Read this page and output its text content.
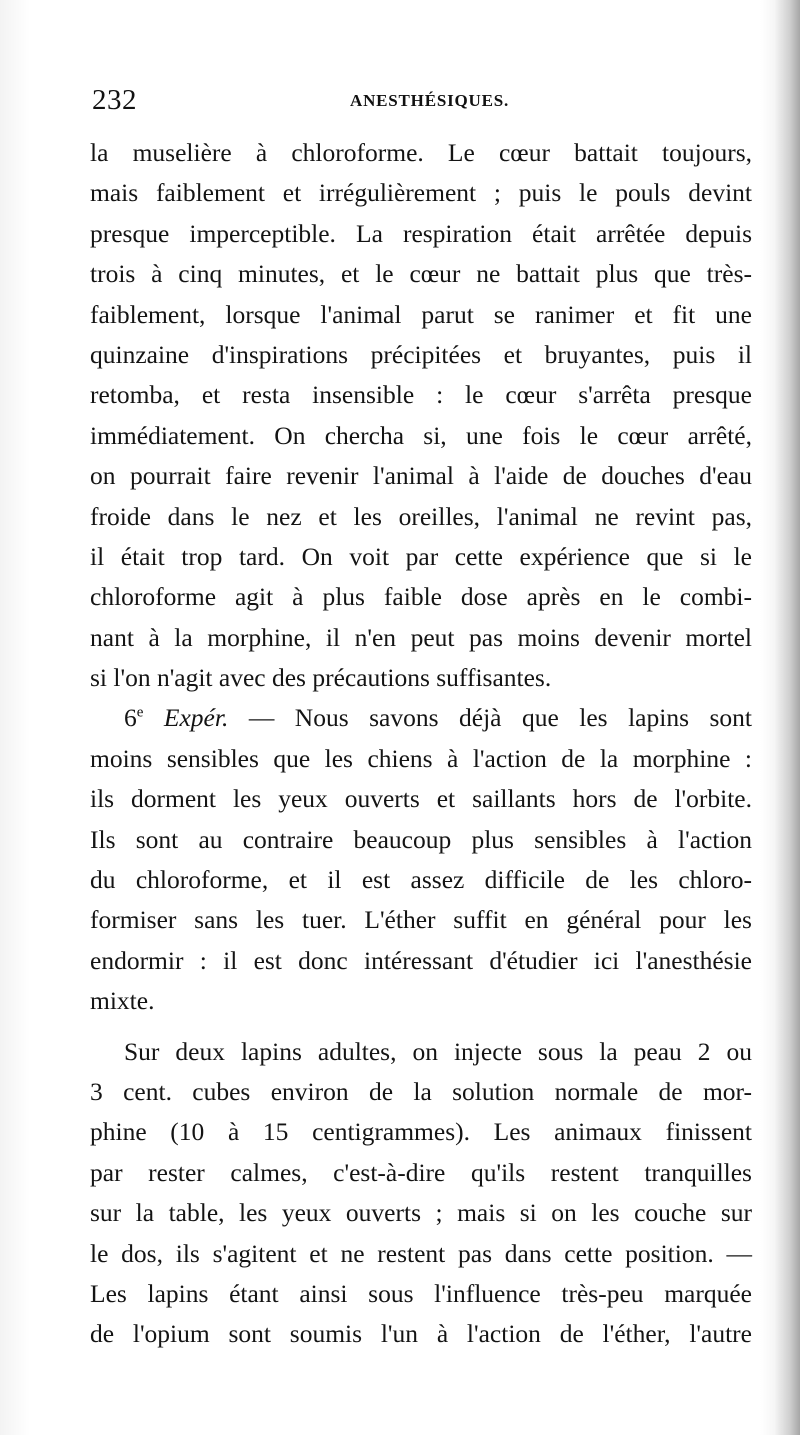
232	ANESTHÉSIQUES.
la muselière à chloroforme. Le cœur battait toujours,
mais faiblement et irrégulièrement ; puis le pouls devint
presque imperceptible. La respiration était arrêtée depuis
trois à cinq minutes, et le cœur ne battait plus que très-
faiblement, lorsque l'animal parut se ranimer et fit une
quinzaine d'inspirations précipitées et bruyantes, puis il
retomba, et resta insensible : le cœur s'arrêta presque
immédiatement. On chercha si, une fois le cœur arrêté,
on pourrait faire revenir l'animal à l'aide de douches d'eau
froide dans le nez et les oreilles, l'animal ne revint pas,
il était trop tard. On voit par cette expérience que si le
chloroforme agit à plus faible dose après en le combi-
nant à la morphine, il n'en peut pas moins devenir mortel
si l'on n'agit avec des précautions suffisantes.
6e Expér. — Nous savons déjà que les lapins sont
moins sensibles que les chiens à l'action de la morphine :
ils dorment les yeux ouverts et saillants hors de l'orbite.
Ils sont au contraire beaucoup plus sensibles à l'action
du chloroforme, et il est assez difficile de les chloro-
formiser sans les tuer. L'éther suffit en général pour les
endormir : il est donc intéressant d'étudier ici l'anesthésie
mixte.
Sur deux lapins adultes, on injecte sous la peau 2 ou
3 cent. cubes environ de la solution normale de mor-
phine (10 à 15 centigrammes). Les animaux finissent
par rester calmes, c'est-à-dire qu'ils restent tranquilles
sur la table, les yeux ouverts ; mais si on les couche sur
le dos, ils s'agitent et ne restent pas dans cette position. —
Les lapins étant ainsi sous l'influence très-peu marquée
de l'opium sont soumis l'un à l'action de l'éther, l'autre
